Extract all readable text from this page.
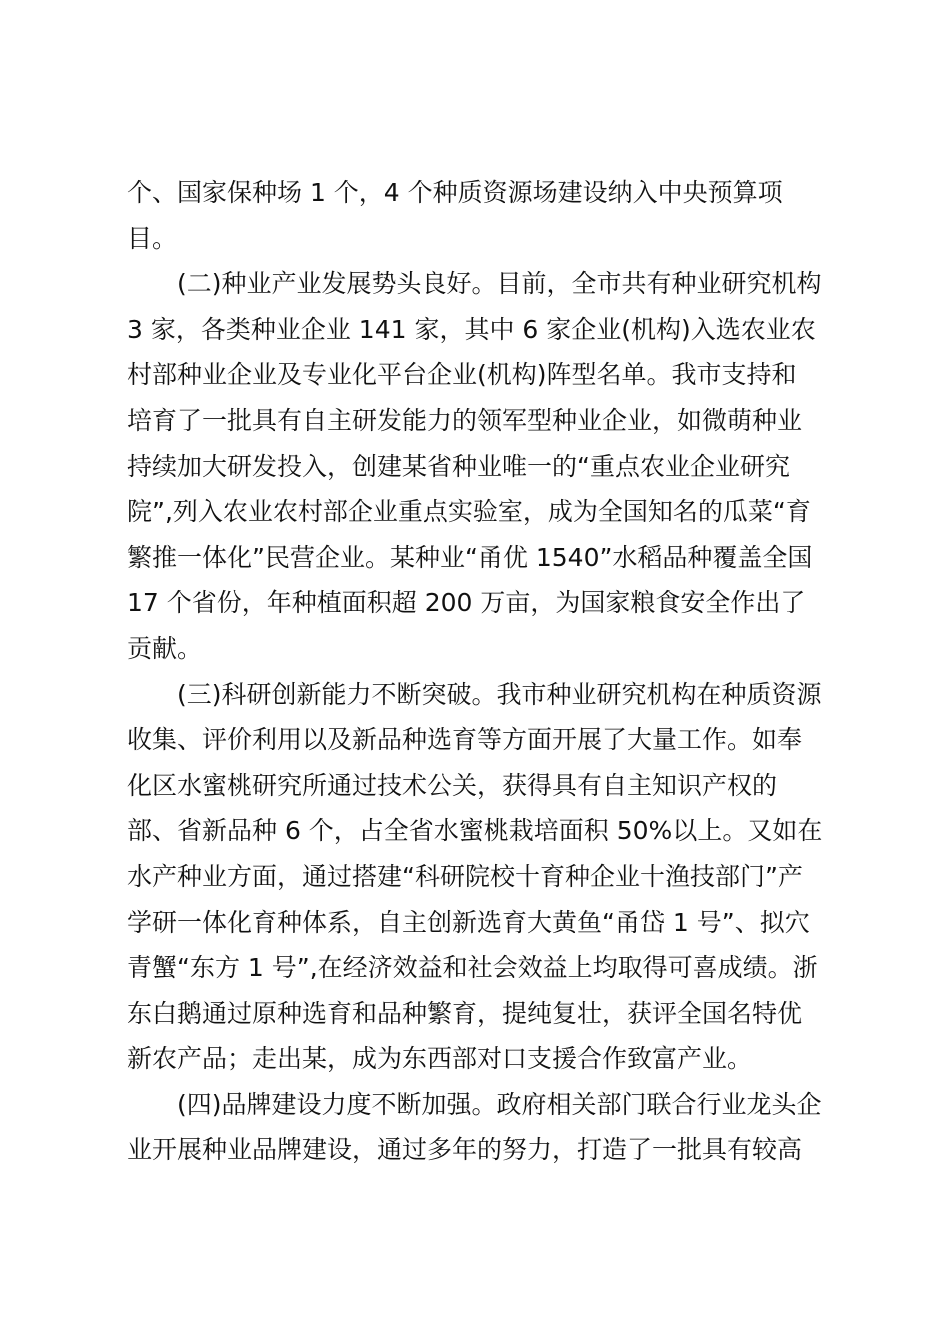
个、国家保种场 1 个，4 个种质资源场建设纳入中央预算项
目。
(二)种业产业发展势头良好。目前，全市共有种业研究机构
3 家，各类种业企业 141 家，其中 6 家企业(机构)入选农业农
村部种业企业及专业化平台企业(机构)阵型名单。我市支持和
培育了一批具有自主研发能力的领军型种业企业，如微萌种业
持续加大研发投入，创建某省种业唯一的“重点农业企业研究
院”,列入农业农村部企业重点实验室，成为全国知名的瓜菜“育
繁推一体化”民营企业。某种业“甬优 1540”水稻品种覆盖全国
17 个省份，年种植面积超 200 万亩，为国家粮食安全作出了
贡献。
(三)科研创新能力不断突破。我市种业研究机构在种质资源
收集、评价利用以及新品种选育等方面开展了大量工作。如奉
化区水蜜桃研究所通过技术公关，获得具有自主知识产权的
部、省新品种 6 个，占全省水蜜桃栽培面积 50%以上。又如在
水产种业方面，通过搭建“科研院校十育种企业十渔技部门”产
学研一体化育种体系，自主创新选育大黄鱼“甬岱 1 号”、拟穴
青蟹“东方 1 号”,在经济效益和社会效益上均取得可喜成绩。浙
东白鹅通过原种选育和品种繁育，提纯复壮，获评全国名特优
新农产品；走出某，成为东西部对口支援合作致富产业。
(四)品牌建设力度不断加强。政府相关部门联合行业龙头企
业开展种业品牌建设，通过多年的努力，打造了一批具有较高
